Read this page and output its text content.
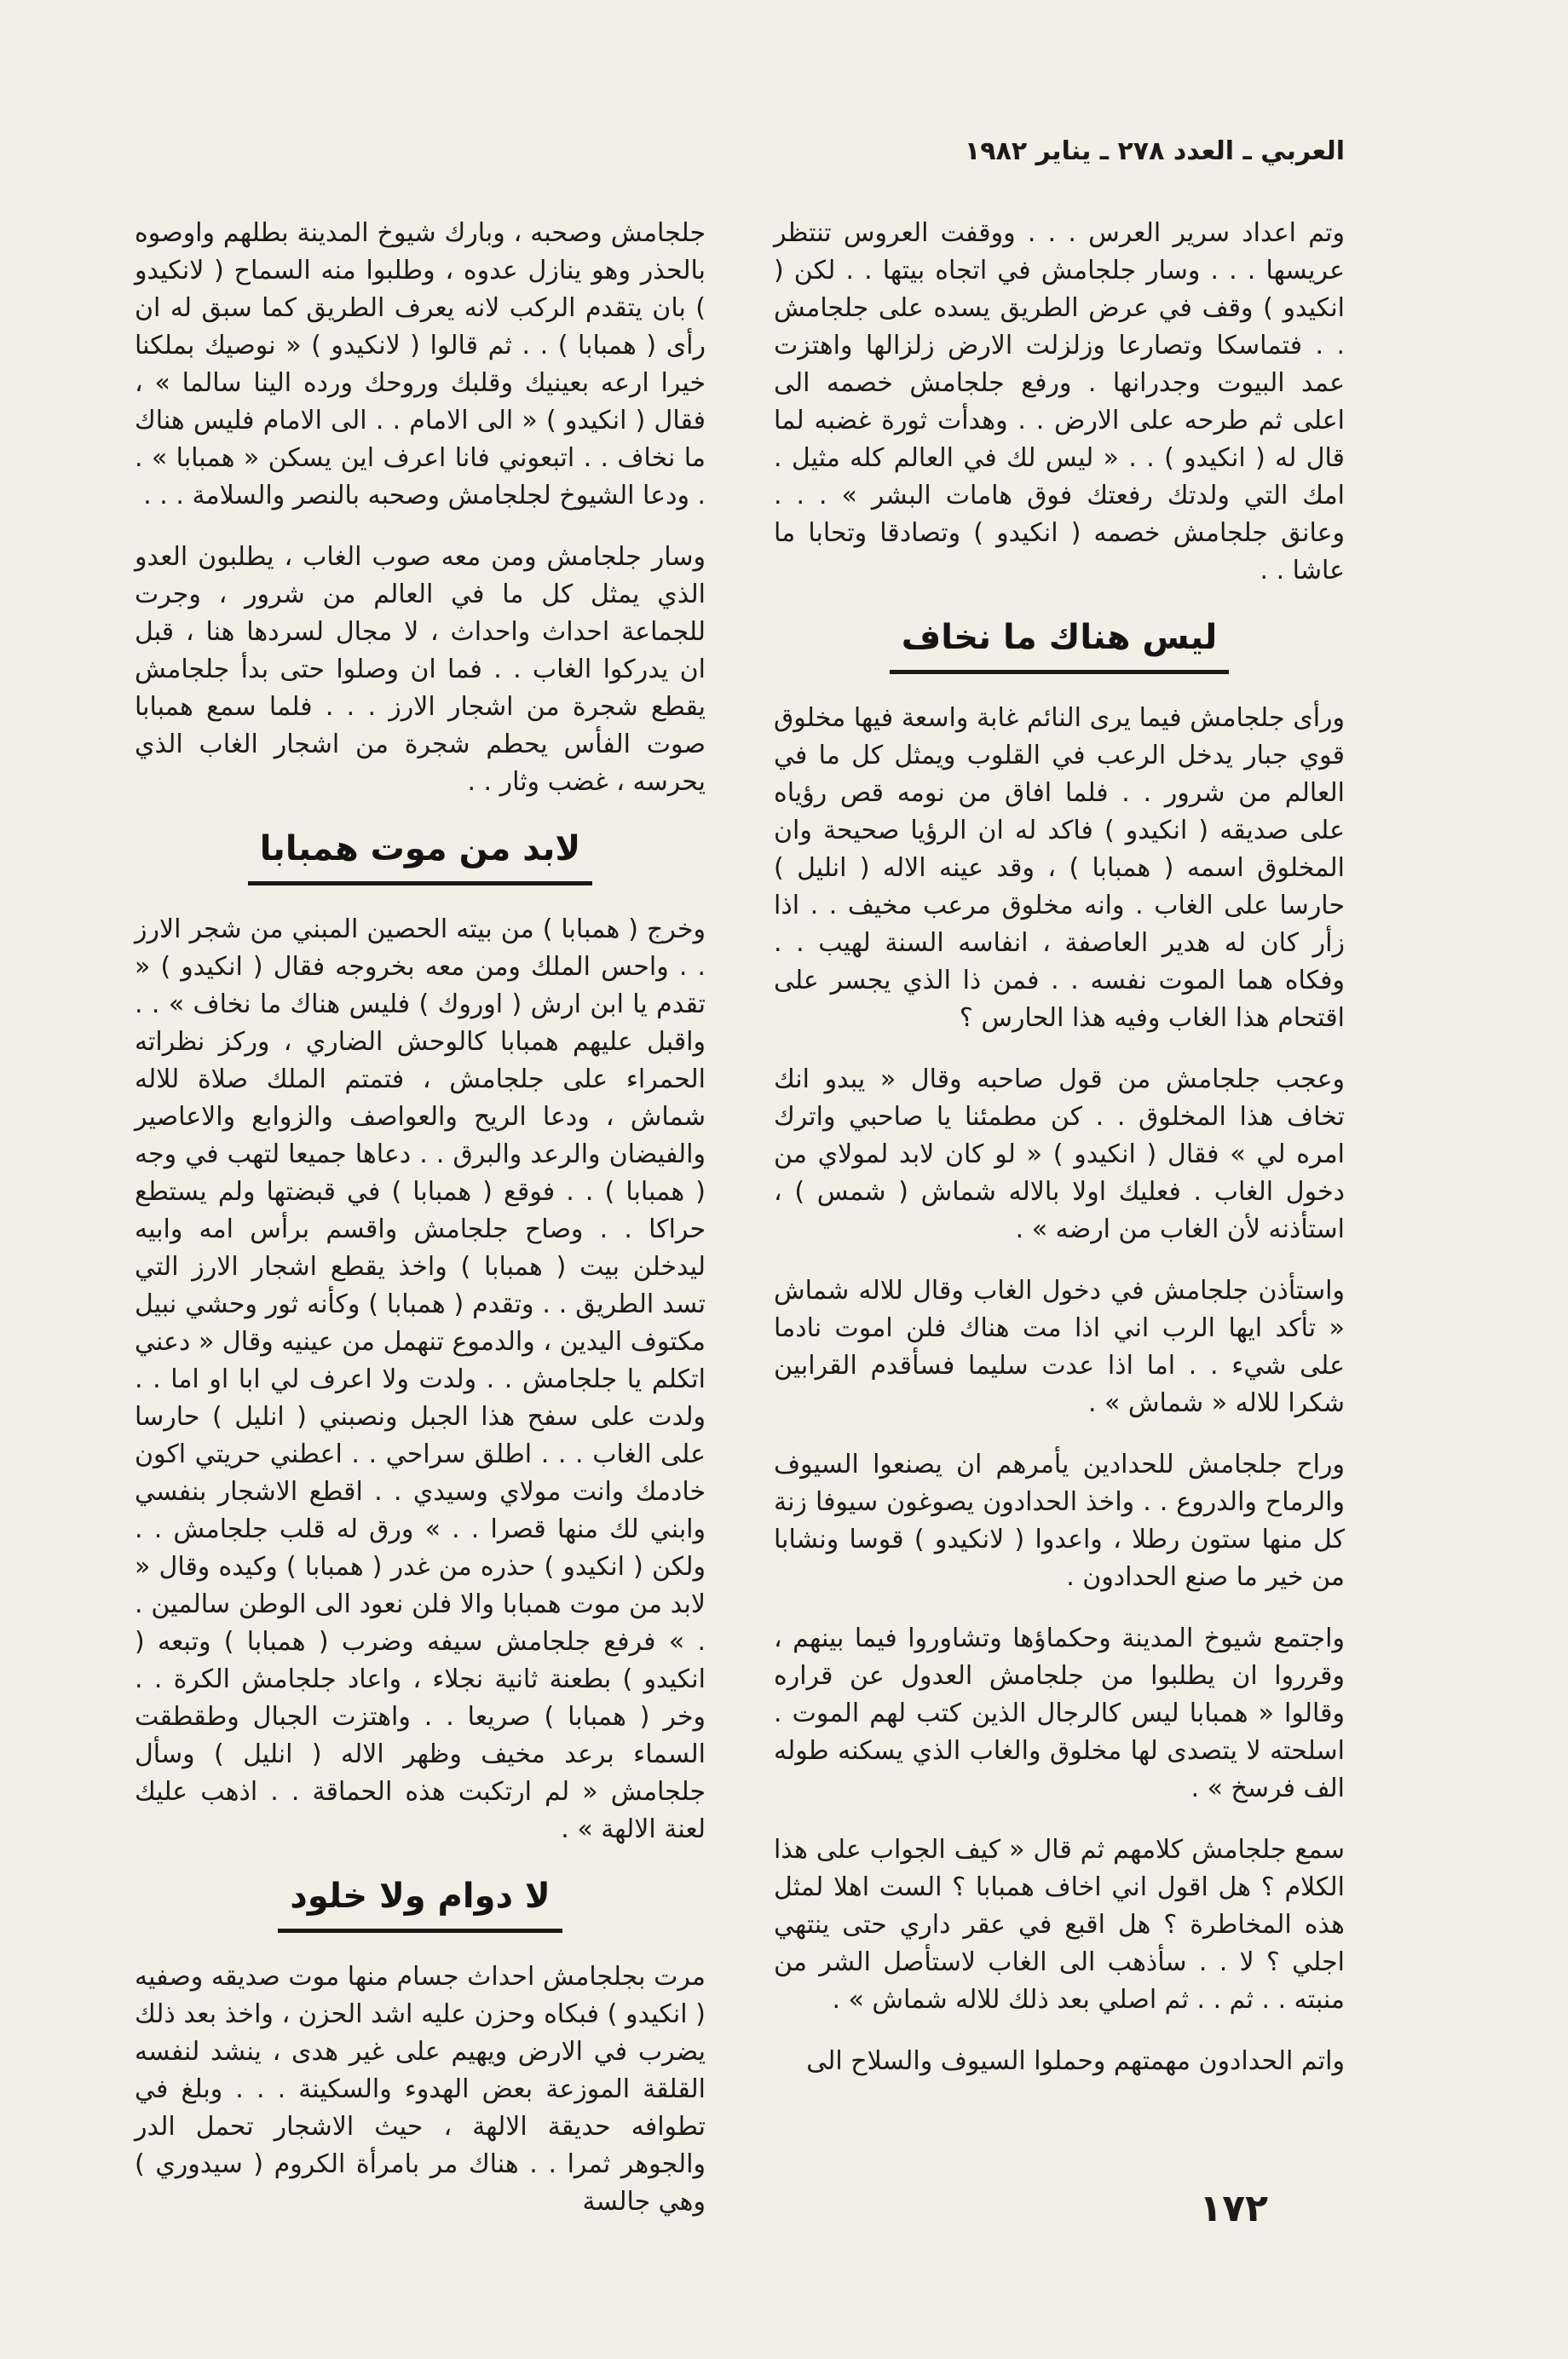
العربي ـ العدد ٢٧٨ ـ يناير ١٩٨٢

وتم اعداد سرير العرس . . . ووقفت العروس تنتظر عريسها . . . وسار جلجامش في اتجاه بيتها . . لكن ( انكيدو ) وقف في عرض الطريق يسده على جلجامش . . فتماسكا وتصارعا وزلزلت الارض زلزالها واهتزت عمد البيوت وجدرانها . ورفع جلجامش خصمه الى اعلى ثم طرحه على الارض . . وهدأت ثورة غضبه لما قال له ( انكيدو ) . . « ليس لك في العالم كله مثيل . امك التي ولدتك رفعتك فوق هامات البشر » . . . وعانق جلجامش خصمه ( انكيدو ) وتصادقا وتحابا ما عاشا . .

ليس هناك ما نخاف

ورأى جلجامش فيما يرى النائم غابة واسعة فيها مخلوق قوي جبار يدخل الرعب في القلوب ويمثل كل ما في العالم من شرور . . فلما افاق من نومه قص رؤياه على صديقه ( انكيدو ) فاكد له ان الرؤيا صحيحة وان المخلوق اسمه ( همبابا ) ، وقد عينه الاله ( انليل ) حارسا على الغاب . وانه مخلوق مرعب مخيف . . اذا زأر كان له هدير العاصفة ، انفاسه السنة لهيب . . وفكاه هما الموت نفسه . . فمن ذا الذي يجسر على اقتحام هذا الغاب وفيه هذا الحارس ؟

وعجب جلجامش من قول صاحبه وقال « يبدو انك تخاف هذا المخلوق . . كن مطمئنا يا صاحبي واترك امره لي » فقال ( انكيدو ) « لو كان لابد لمولاي من دخول الغاب . فعليك اولا بالاله شماش ( شمس ) ، استأذنه لأن الغاب من ارضه » .

واستأذن جلجامش في دخول الغاب وقال للاله شماش « تأكد ايها الرب اني اذا مت هناك فلن اموت نادما على شيء . . اما اذا عدت سليما فسأقدم القرابين شكرا للاله « شماش » .

وراح جلجامش للحدادين يأمرهم ان يصنعوا السيوف والرماح والدروع . . واخذ الحدادون يصوغون سيوفا زنة كل منها ستون رطلا ، واعدوا ( لانكيدو ) قوسا ونشابا من خير ما صنع الحدادون .

واجتمع شيوخ المدينة وحكماؤها وتشاوروا فيما بينهم ، وقرروا ان يطلبوا من جلجامش العدول عن قراره وقالوا « همبابا ليس كالرجال الذين كتب لهم الموت . اسلحته لا يتصدى لها مخلوق والغاب الذي يسكنه طوله الف فرسخ » .

سمع جلجامش كلامهم ثم قال « كيف الجواب على هذا الكلام ؟ هل اقول اني اخاف همبابا ؟ الست اهلا لمثل هذه المخاطرة ؟ هل اقبع في عقر داري حتى ينتهي اجلي ؟ لا . . سأذهب الى الغاب لاستأصل الشر من منبته . . ثم . . ثم اصلي بعد ذلك للاله شماش » .

واتم الحدادون مهمتهم وحملوا السيوف والسلاح الى

جلجامش وصحبه ، وبارك شيوخ المدينة بطلهم واوصوه بالحذر وهو ينازل عدوه ، وطلبوا منه السماح ( لانكيدو ) بان يتقدم الركب لانه يعرف الطريق كما سبق له ان رأى ( همبابا ) . . ثم قالوا ( لانكيدو ) « نوصيك بملكنا خيرا ارعه بعينيك وقلبك وروحك ورده الينا سالما » ، فقال ( انكيدو ) « الى الامام . . الى الامام فليس هناك ما نخاف . . اتبعوني فانا اعرف اين يسكن « همبابا » . . ودعا الشيوخ لجلجامش وصحبه بالنصر والسلامة . . .

وسار جلجامش ومن معه صوب الغاب ، يطلبون العدو الذي يمثل كل ما في العالم من شرور ، وجرت للجماعة احداث واحداث ، لا مجال لسردها هنا ، قبل ان يدركوا الغاب . . فما ان وصلوا حتى بدأ جلجامش يقطع شجرة من اشجار الارز . . . فلما سمع همبابا صوت الفأس يحطم شجرة من اشجار الغاب الذي يحرسه ، غضب وثار . .

لابد من موت همبابا

وخرج ( همبابا ) من بيته الحصين المبني من شجر الارز . . واحس الملك ومن معه بخروجه فقال ( انكيدو ) « تقدم يا ابن ارش ( اوروك ) فليس هناك ما نخاف » . . واقبل عليهم همبابا كالوحش الضاري ، وركز نظراته الحمراء على جلجامش ، فتمتم الملك صلاة للاله شماش ، ودعا الريح والعواصف والزوابع والاعاصير والفيضان والرعد والبرق . . دعاها جميعا لتهب في وجه ( همبابا ) . . فوقع ( همبابا ) في قبضتها ولم يستطع حراكا . . وصاح جلجامش واقسم برأس امه وابيه ليدخلن بيت ( همبابا ) واخذ يقطع اشجار الارز التي تسد الطريق . . وتقدم ( همبابا ) وكأنه ثور وحشي نبيل مكتوف اليدين ، والدموع تنهمل من عينيه وقال « دعني اتكلم يا جلجامش . . ولدت ولا اعرف لي ابا او اما . . ولدت على سفح هذا الجبل ونصبني ( انليل ) حارسا على الغاب . . . اطلق سراحي . . اعطني حريتي اكون خادمك وانت مولاي وسيدي . . اقطع الاشجار بنفسي وابني لك منها قصرا . . » ورق له قلب جلجامش . . ولكن ( انكيدو ) حذره من غدر ( همبابا ) وكيده وقال « لابد من موت همبابا والا فلن نعود الى الوطن سالمين . . » فرفع جلجامش سيفه وضرب ( همبابا ) وتبعه ( انكيدو ) بطعنة ثانية نجلاء ، واعاد جلجامش الكرة . . وخر ( همبابا ) صريعا . . واهتزت الجبال وطقطقت السماء برعد مخيف وظهر الاله ( انليل ) وسأل جلجامش « لم ارتكبت هذه الحماقة . . اذهب عليك لعنة الالهة » .

لا دوام ولا خلود

مرت بجلجامش احداث جسام منها موت صديقه وصفيه ( انكيدو ) فبكاه وحزن عليه اشد الحزن ، واخذ بعد ذلك يضرب في الارض ويهيم على غير هدى ، ينشد لنفسه القلقة الموزعة بعض الهدوء والسكينة . . . وبلغ في تطوافه حديقة الالهة ، حيث الاشجار تحمل الدر والجوهر ثمرا . . هناك مر بامرأة الكروم ( سيدوري ) وهي جالسة	١٧٢
